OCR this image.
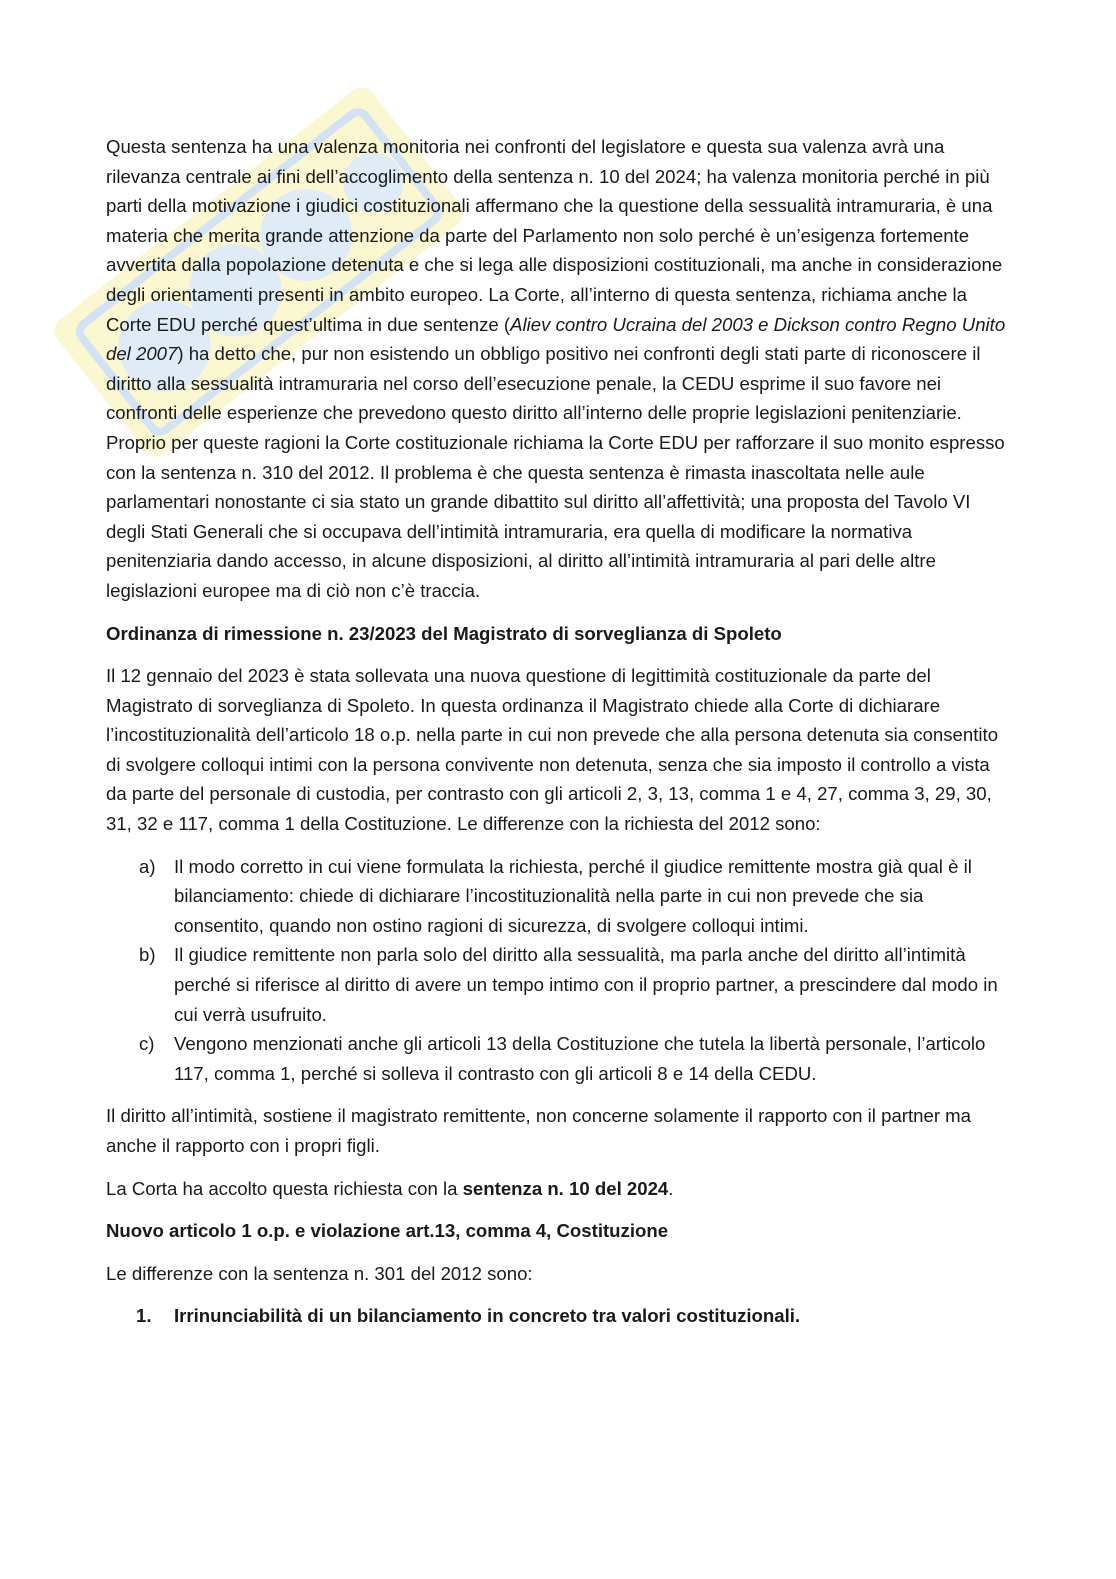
Questa sentenza ha una valenza monitoria nei confronti del legislatore e questa sua valenza avrà una rilevanza centrale ai fini dell’accoglimento della sentenza n. 10 del 2024; ha valenza monitoria perché in più parti della motivazione i giudici costituzionali affermano che la questione della sessualità intramuraria, è una materia che merita grande attenzione da parte del Parlamento non solo perché è un’esigenza fortemente avvertita dalla popolazione detenuta e che si lega alle disposizioni costituzionali, ma anche in considerazione degli orientamenti presenti in ambito europeo. La Corte, all’interno di questa sentenza, richiama anche la Corte EDU perché quest’ultima in due sentenze (Aliev contro Ucraina del 2003 e Dickson contro Regno Unito del 2007) ha detto che, pur non esistendo un obbligo positivo nei confronti degli stati parte di riconoscere il diritto alla sessualità intramuraria nel corso dell’esecuzione penale, la CEDU esprime il suo favore nei confronti delle esperienze che prevedono questo diritto all’interno delle proprie legislazioni penitenziarie. Proprio per queste ragioni la Corte costituzionale richiama la Corte EDU per rafforzare il suo monito espresso con la sentenza n. 310 del 2012. Il problema è che questa sentenza è rimasta inascoltata nelle aule parlamentari nonostante ci sia stato un grande dibattito sul diritto all’affettività; una proposta del Tavolo VI degli Stati Generali che si occupava dell’intimità intramuraria, era quella di modificare la normativa penitenziaria dando accesso, in alcune disposizioni, al diritto all’intimità intramuraria al pari delle altre legislazioni europee ma di ciò non c’è traccia.

Ordinanza di rimessione n. 23/2023 del Magistrato di sorveglianza di Spoleto

Il 12 gennaio del 2023 è stata sollevata una nuova questione di legittimità costituzionale da parte del Magistrato di sorveglianza di Spoleto. In questa ordinanza il Magistrato chiede alla Corte di dichiarare l’incostituzionalità dell’articolo 18 o.p. nella parte in cui non prevede che alla persona detenuta sia consentito di svolgere colloqui intimi con la persona convivente non detenuta, senza che sia imposto il controllo a vista da parte del personale di custodia, per contrasto con gli articoli 2, 3, 13, comma 1 e 4, 27, comma 3, 29, 30, 31, 32 e 117, comma 1 della Costituzione. Le differenze con la richiesta del 2012 sono:

a) Il modo corretto in cui viene formulata la richiesta, perché il giudice remittente mostra già qual è il bilanciamento: chiede di dichiarare l’incostituzionalità nella parte in cui non prevede che sia consentito, quando non ostino ragioni di sicurezza, di svolgere colloqui intimi.
b) Il giudice remittente non parla solo del diritto alla sessualità, ma parla anche del diritto all’intimità perché si riferisce al diritto di avere un tempo intimo con il proprio partner, a prescindere dal modo in cui verrà usufruito.
c) Vengono menzionati anche gli articoli 13 della Costituzione che tutela la libertà personale, l’articolo 117, comma 1, perché si solleva il contrasto con gli articoli 8 e 14 della CEDU.

Il diritto all’intimità, sostiene il magistrato remittente, non concerne solamente il rapporto con il partner ma anche il rapporto con i propri figli.

La Corta ha accolto questa richiesta con la sentenza n. 10 del 2024.

Nuovo articolo 1 o.p. e violazione art.13, comma 4, Costituzione

Le differenze con la sentenza n. 301 del 2012 sono:

1. Irrinunciabilità di un bilanciamento in concreto tra valori costituzionali.
